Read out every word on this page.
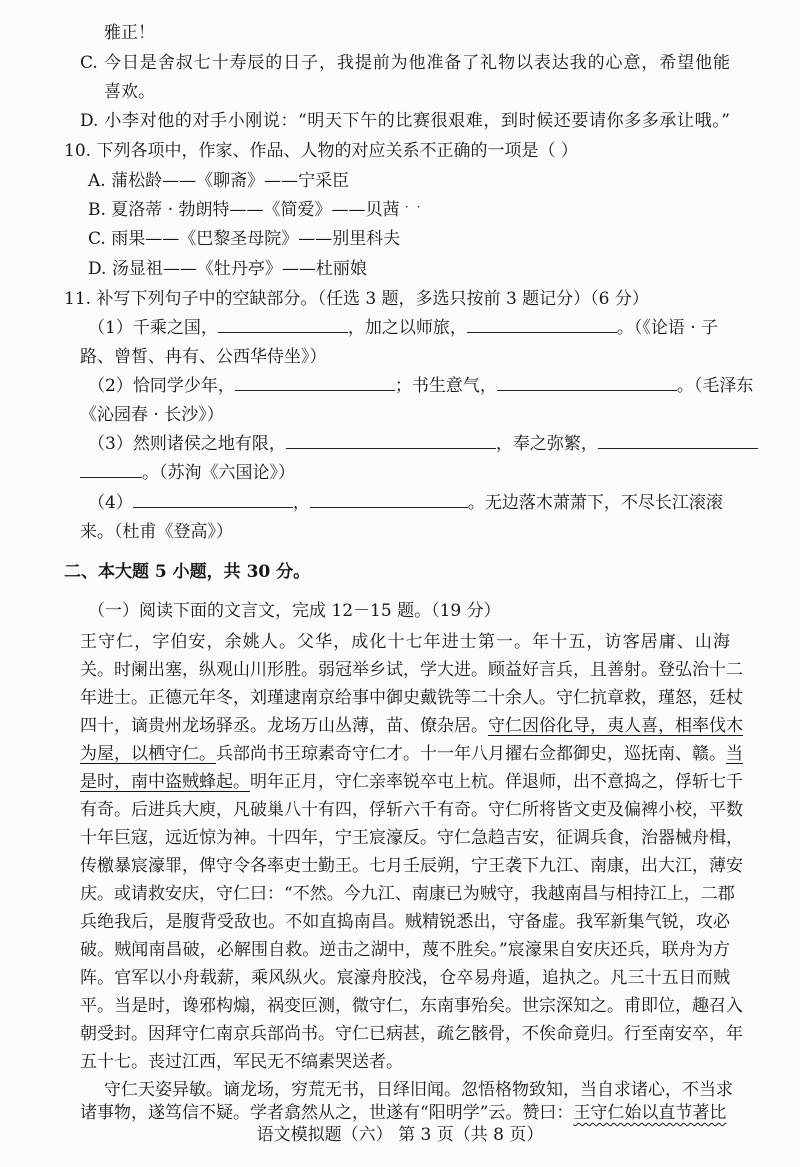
雅正！
C. 今日是舍叔七十寿辰的日子，我提前为他准备了礼物以表达我的心意，希望他能
喜欢。
D. 小李对他的对手小刚说：“明天下午的比赛很艰难，到时候还要请你多多承让哦。”
10. 下列各项中，作家、作品、人物的对应关系不正确的一项是（ ）
···
A. 蒲松龄——《聊斋》——宁采臣
B. 夏洛蒂 · 勃朗特——《简爱》——贝茜
C. 雨果——《巴黎圣母院》——别里科夫
D. 汤显祖——《牡丹亭》——杜丽娘
11. 补写下列句子中的空缺部分。（任选 3 题，多选只按前 3 题记分）（6 分）
（1）千乘之国，	，加之以师旅，	。（《论语 · 子
路、曾皙、冉有、公西华侍坐》）
（2）恰同学少年，	；书生意气，	。（毛泽东
《沁园春 · 长沙》）
（3）然则诸侯之地有限，	，奉之弥繁，
。（苏洵《六国论》）
（4）	，	。无边落木萧萧下，不尽长江滚滚
来。（杜甫《登高》）
二、本大题 5 小题，共 30 分。
（一）阅读下面的文言文，完成 12－15 题。（19 分）
王守仁，字伯安，余姚人。父华，成化十七年进士第一。年十五，访客居庸、山海
关。时阑出塞，纵观山川形胜。弱冠举乡试，学大进。顾益好言兵，且善射。登弘治十二
年进士。正德元年冬，刘瑾逮南京给事中御史戴铣等二十余人。守仁抗章救，瑾怒，廷杖
四十，谪贵州龙场驿丞。龙场万山丛薄，苗、僚杂居。守仁因俗化导，夷人喜，相率伐木
为屋，以栖守仁。兵部尚书王琼素奇守仁才。十一年八月擢右佥都御史，巡抚南、赣。当
是时，南中盗贼蜂起。明年正月，守仁亲率锐卒屯上杭。佯退师，出不意捣之，俘斩七千
有奇。后进兵大庾，凡破巢八十有四，俘斩六千有奇。守仁所将皆文吏及偏裨小校，平数
十年巨寇，远近惊为神。十四年，宁王宸濠反。守仁急趋吉安，征调兵食，治器械舟楫，
传檄暴宸濠罪，俾守令各率吏士勤王。七月壬辰朔，宁王袭下九江、南康，出大江，薄安
庆。或请救安庆，守仁曰：“不然。今九江、南康已为贼守，我越南昌与相持江上，二郡
兵绝我后，是腹背受敌也。不如直捣南昌。贼精锐悉出，守备虚。我军新集气锐，攻必
破。贼闻南昌破，必解围自救。逆击之湖中，蔑不胜矣。”宸濠果自安庆还兵，联舟为方
阵。官军以小舟载薪，乘风纵火。宸濠舟胶浅，仓卒易舟遁，追执之。凡三十五日而贼
平。当是时，谗邪构煽，祸变叵测，微守仁，东南事殆矣。世宗深知之。甫即位，趣召入
朝受封。因拜守仁南京兵部尚书。守仁已病甚，疏乞骸骨，不俟命竟归。行至南安卒，年
五十七。丧过江西，军民无不缟素哭送者。
守仁天姿异敏。谪龙场，穷荒无书，日绎旧闻。忽悟格物致知，当自求诸心，不当求
诸事物，遂笃信不疑。学者翕然从之，世遂有“阳明学”云。赞曰：王守仁始以直节著比
语文模拟题（六） 第 3 页（共 8 页）
